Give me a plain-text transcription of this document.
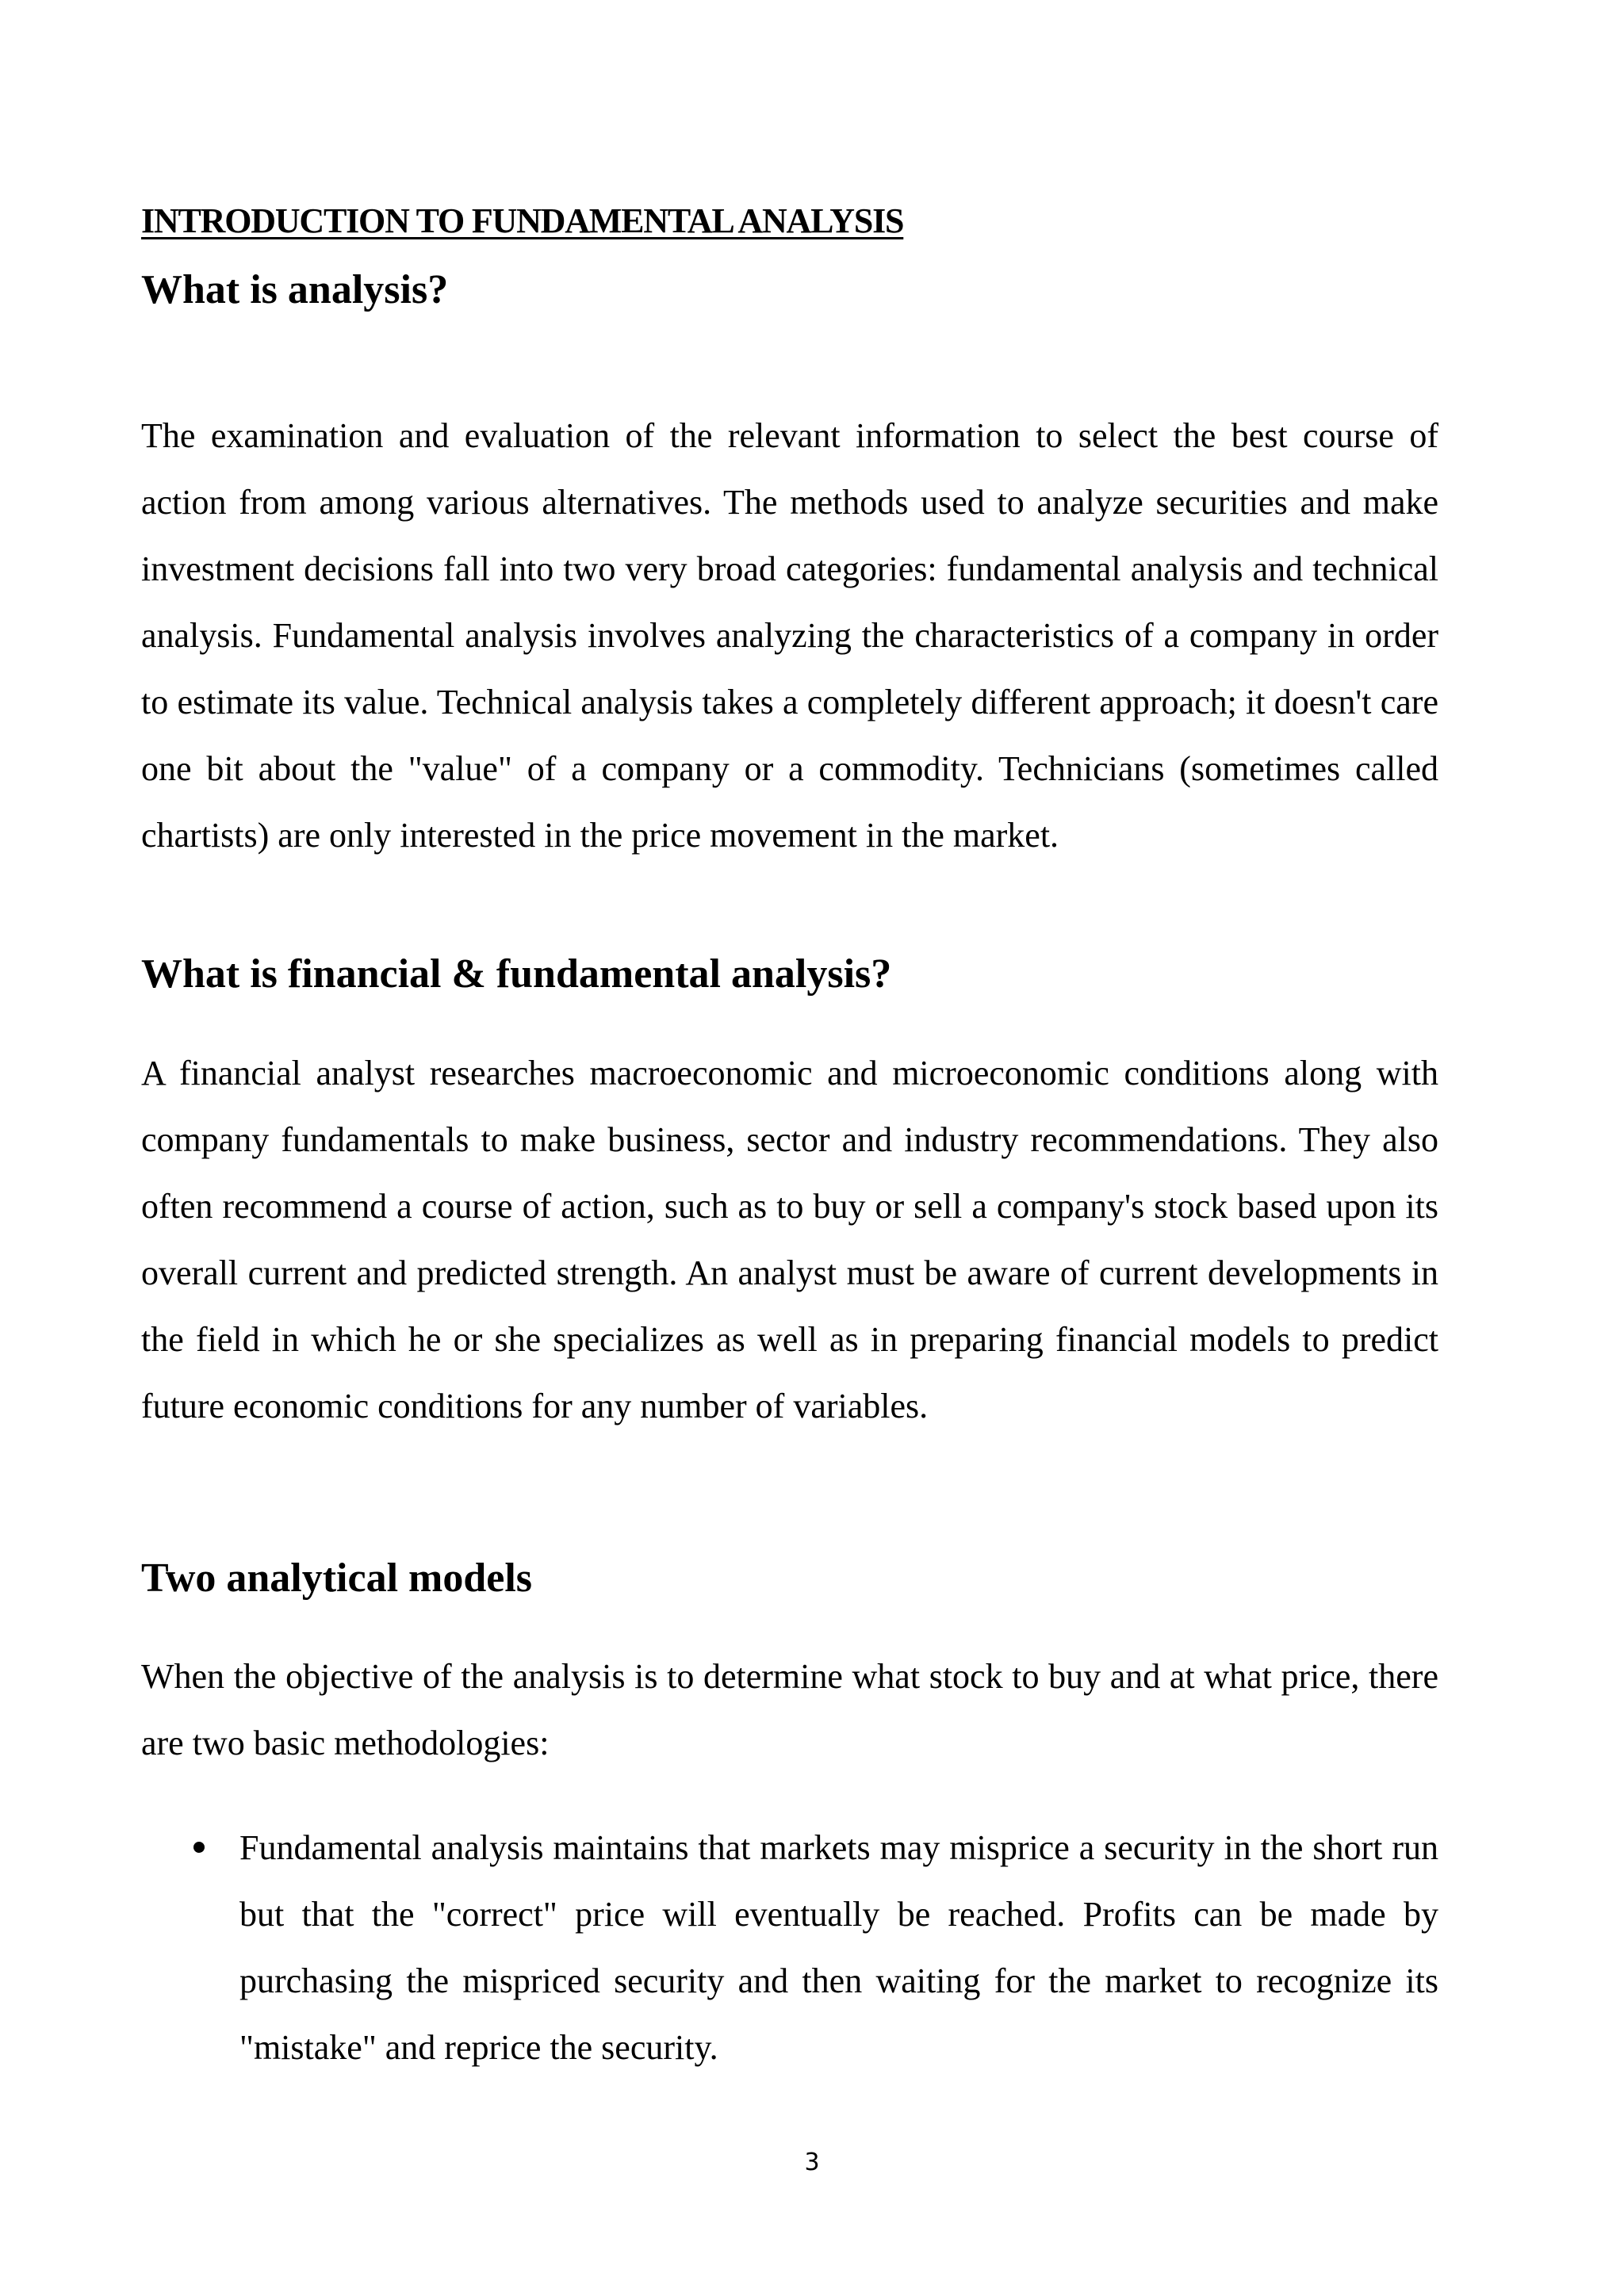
INTRODUCTION TO FUNDAMENTAL ANALYSIS
What is analysis?

The examination and evaluation of the relevant information to select the best course of action from among various alternatives. The methods used to analyze securities and make investment decisions fall into two very broad categories: fundamental analysis and technical analysis. Fundamental analysis involves analyzing the characteristics of a company in order to estimate its value. Technical analysis takes a completely different approach; it doesn't care one bit about the "value" of a company or a commodity. Technicians (sometimes called chartists) are only interested in the price movement in the market.

What is financial & fundamental analysis?

A financial analyst researches macroeconomic and microeconomic conditions along with company fundamentals to make business, sector and industry recommendations. They also often recommend a course of action, such as to buy or sell a company's stock based upon its overall current and predicted strength. An analyst must be aware of current developments in the field in which he or she specializes as well as in preparing financial models to predict future economic conditions for any number of variables.

Two analytical models

When the objective of the analysis is to determine what stock to buy and at what price, there are two basic methodologies:

Fundamental analysis maintains that markets may misprice a security in the short run but that the "correct" price will eventually be reached. Profits can be made by purchasing the mispriced security and then waiting for the market to recognize its "mistake" and reprice the security.

3
